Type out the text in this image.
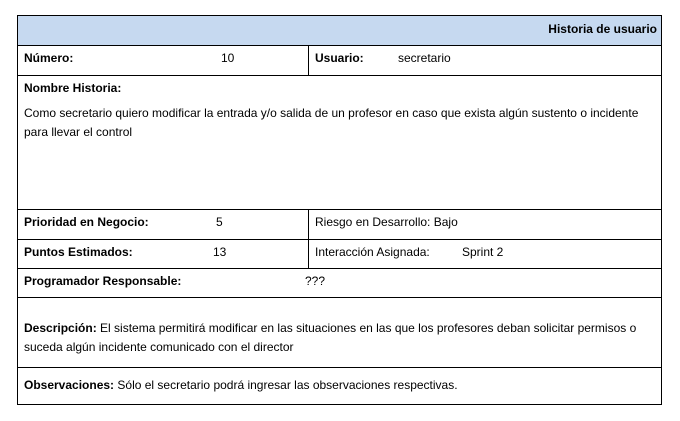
Historia de usuario
Número:	10	Usuario:	secretario
Nombre Historia:
Como secretario quiero modificar la entrada y/o salida de un profesor en caso que exista algún sustento o incidente para llevar el control
Prioridad en Negocio:	5	Riesgo en Desarrollo: Bajo
Puntos Estimados:	13	Interacción Asignada:	Sprint 2
Programador Responsable:	???
Descripción: El sistema permitirá modificar en las situaciones en las que los profesores deban solicitar permisos o suceda algún incidente comunicado con el director
Observaciones: Sólo el secretario podrá ingresar las observaciones respectivas.
